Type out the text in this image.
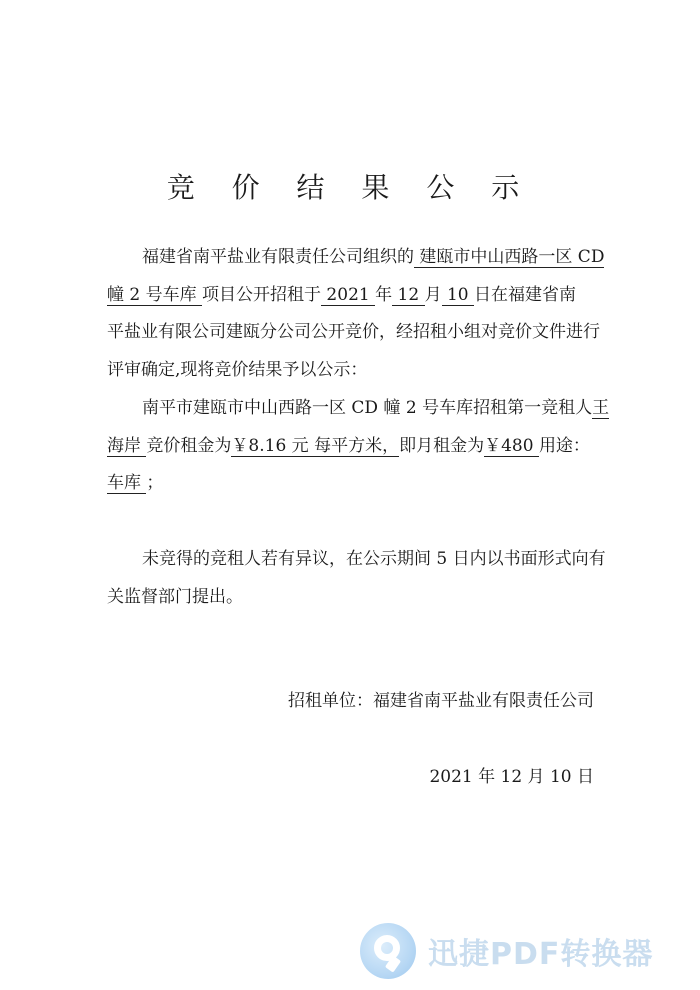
竞 价 结 果 公 示
福建省南平盐业有限责任公司组织的 建瓯市中山西路一区 CD
幢 2 号车库 项目公开招租于 2021 年 12 月 10 日在福建省南
平盐业有限公司建瓯分公司公开竞价，经招租小组对竞价文件进行
评审确定,现将竞价结果予以公示：
南平市建瓯市中山西路一区 CD 幢 2 号车库招租第一竞租人王
海岸 竞价租金为￥8.16 元 每平方米，即月租金为￥480 用途：
车库 ；
未竞得的竞租人若有异议，在公示期间 5 日内以书面形式向有
关监督部门提出。
招租单位：福建省南平盐业有限责任公司
2021 年 12 月 10 日
迅捷PDF转换器
